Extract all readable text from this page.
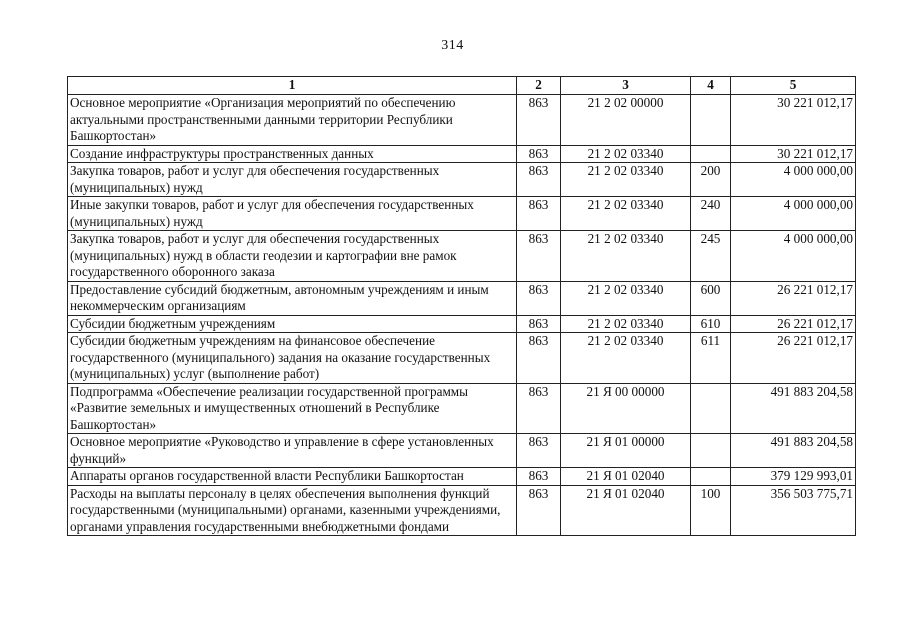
314
1	2	3	4	5
Основное мероприятие «Организация мероприятий по обеспечению актуальными пространственными данными территории Республики Башкортостан»	863	21 2 02 00000		30 221 012,17
Создание инфраструктуры пространственных данных	863	21 2 02 03340		30 221 012,17
Закупка товаров, работ и услуг для обеспечения государственных (муниципальных) нужд	863	21 2 02 03340	200	4 000 000,00
Иные закупки товаров, работ и услуг для обеспечения государственных (муниципальных) нужд	863	21 2 02 03340	240	4 000 000,00
Закупка товаров, работ и услуг для обеспечения государственных (муниципальных) нужд в области геодезии и картографии вне рамок государственного оборонного заказа	863	21 2 02 03340	245	4 000 000,00
Предоставление субсидий бюджетным, автономным учреждениям и иным некоммерческим организациям	863	21 2 02 03340	600	26 221 012,17
Субсидии бюджетным учреждениям	863	21 2 02 03340	610	26 221 012,17
Субсидии бюджетным учреждениям на финансовое обеспечение государственного (муниципального) задания на оказание государственных (муниципальных) услуг (выполнение работ)	863	21 2 02 03340	611	26 221 012,17
Подпрограмма «Обеспечение реализации государственной программы «Развитие земельных и имущественных отношений в Республике Башкортостан»	863	21 Я 00 00000		491 883 204,58
Основное мероприятие «Руководство и управление в сфере установленных функций»	863	21 Я 01 00000		491 883 204,58
Аппараты органов государственной власти Республики Башкортостан	863	21 Я 01 02040		379 129 993,01
Расходы на выплаты персоналу в целях обеспечения выполнения функций государственными (муниципальными) органами, казенными учреждениями, органами управления государственными внебюджетными фондами	863	21 Я 01 02040	100	356 503 775,71
